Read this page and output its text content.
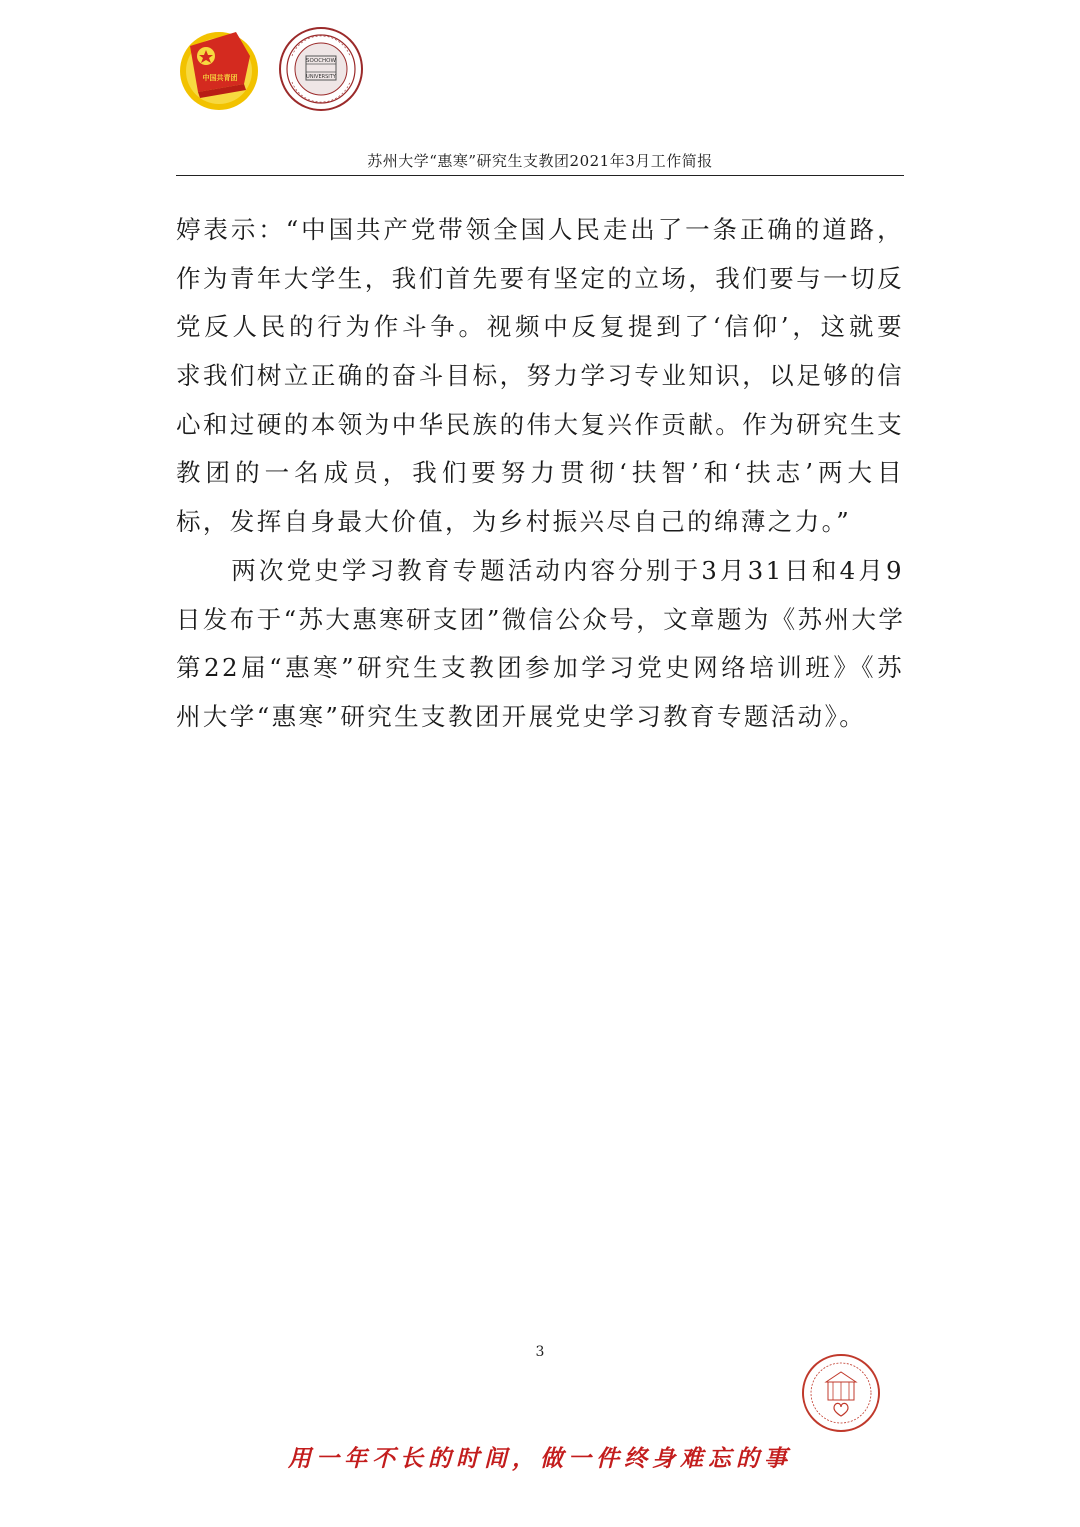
中国共青团
SOOCHOW
UNIVERSITY
苏州大学“惠寒”研究生支教团2021年3月工作简报
婷表示：“中国共产党带领全国人民走出了一条正确的道路，
作为青年大学生，我们首先要有坚定的立场，我们要与一切反
党反人民的行为作斗争。视频中反复提到了‘信仰’，这就要
求我们树立正确的奋斗目标，努力学习专业知识，以足够的信
心和过硬的本领为中华民族的伟大复兴作贡献。作为研究生支
教团的一名成员，我们要努力贯彻‘扶智’和‘扶志’两大目
标，发挥自身最大价值，为乡村振兴尽自己的绵薄之力。”
　　两次党史学习教育专题活动内容分别于3月31日和4月9
日发布于“苏大惠寒研支团”微信公众号，文章题为《苏州大学
第22届“惠寒”研究生支教团参加学习党史网络培训班》《苏
州大学“惠寒”研究生支教团开展党史学习教育专题活动》。
3
用一年不长的时间，做一件终身难忘的事
